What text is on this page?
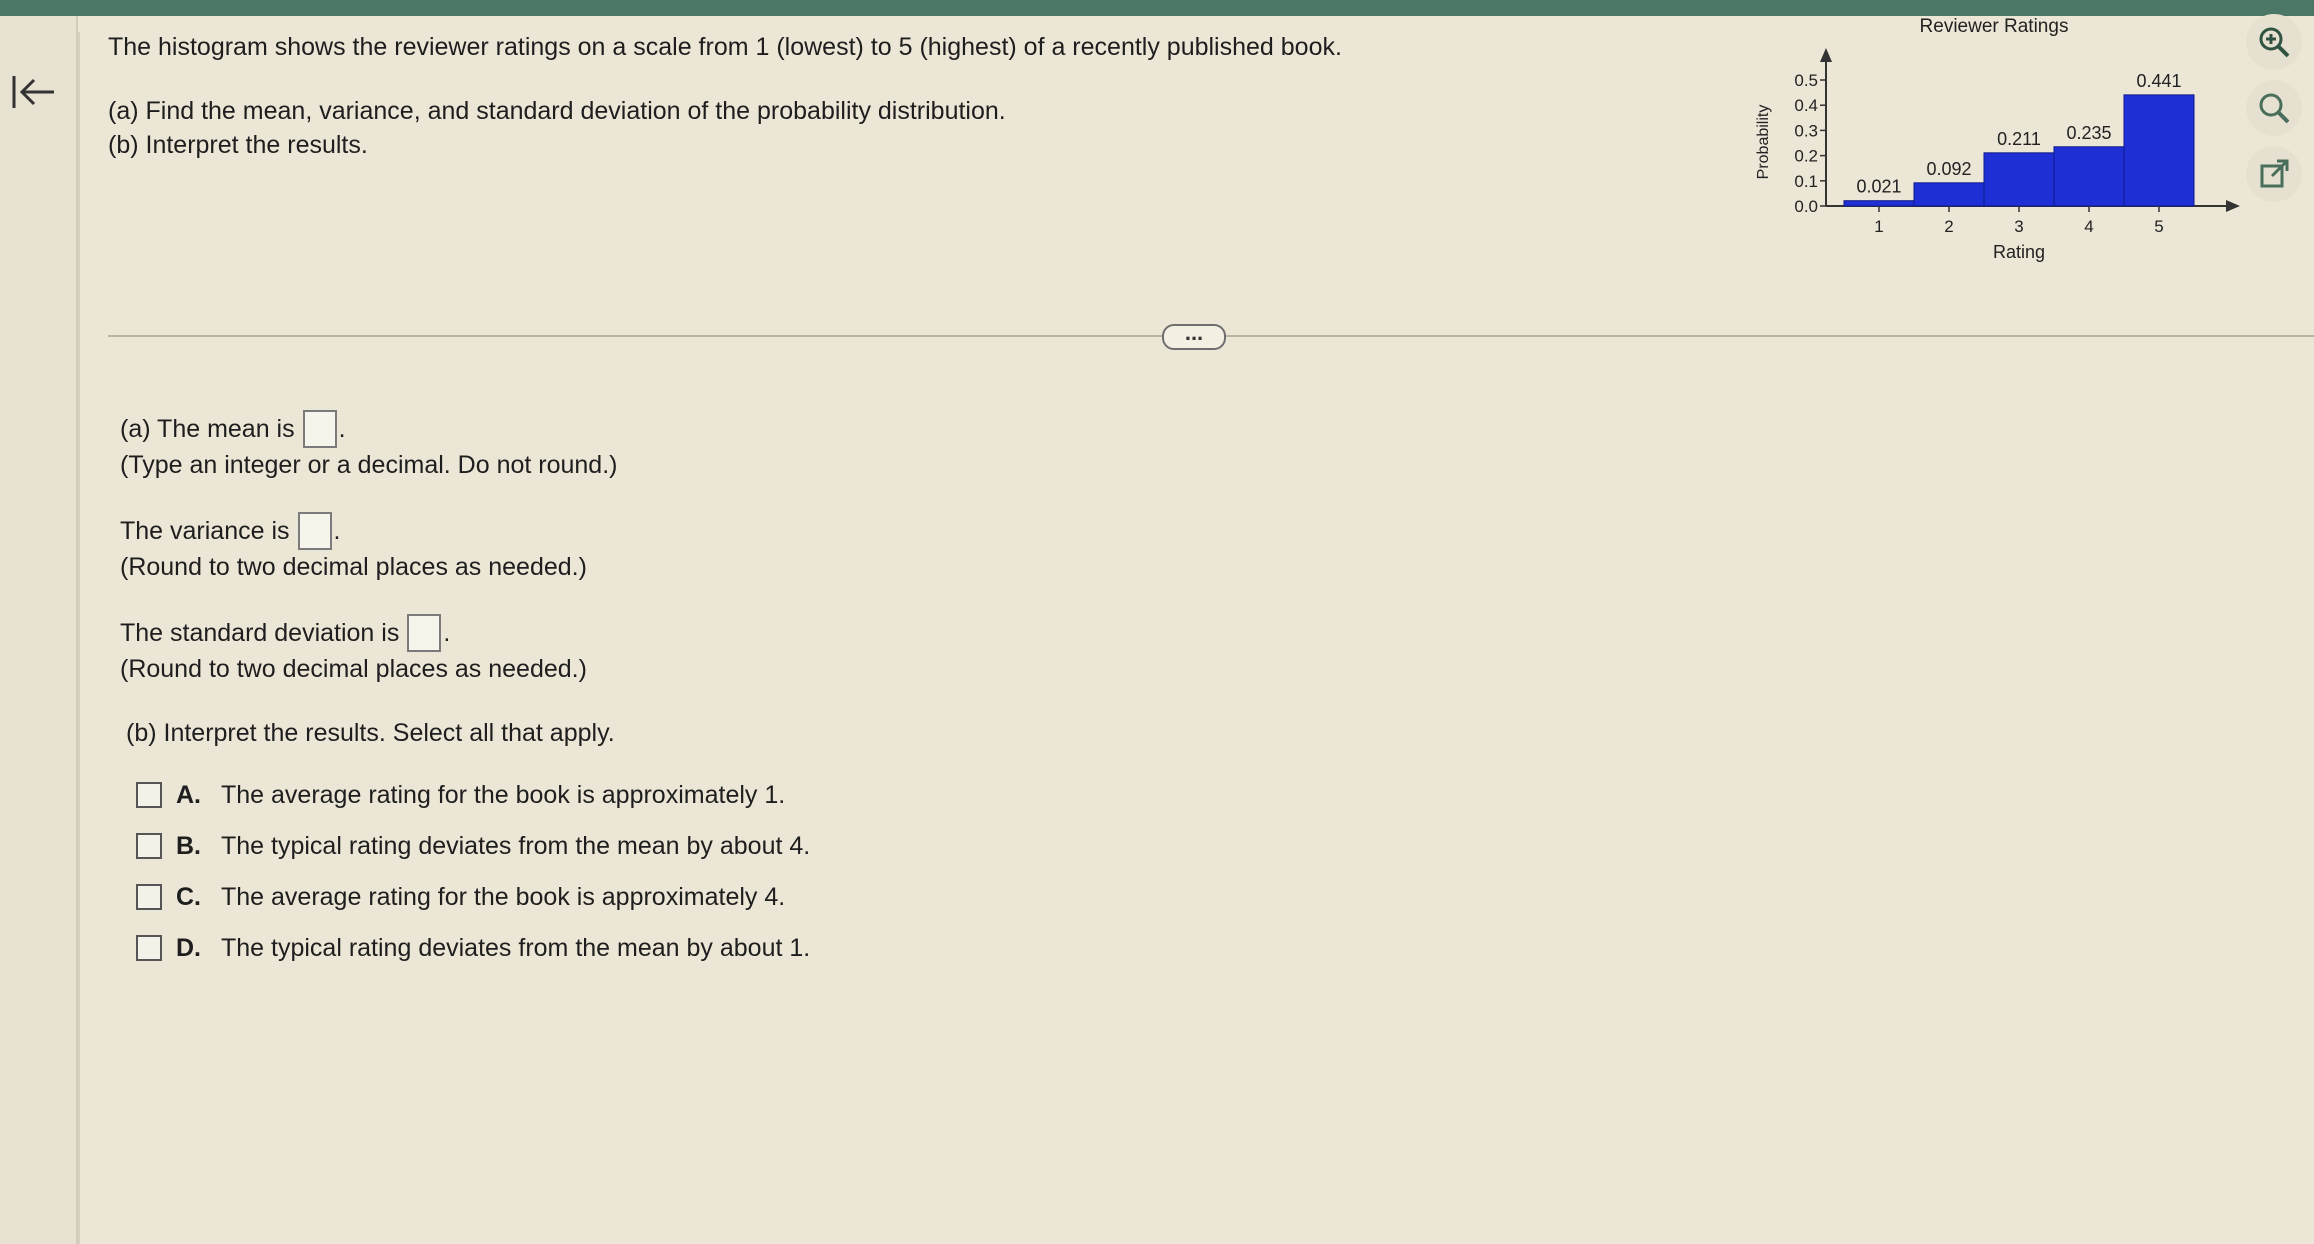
The histogram shows the reviewer ratings on a scale from 1 (lowest) to 5 (highest) of a recently published book.

(a) Find the mean, variance, and standard deviation of the probability distribution.

(b) Interpret the results.

Reviewer Ratings
0.0
0.1
0.2
0.3
0.4
0.5
Probability
0.021
1
0.092
2
0.211
3
0.235
4
0.441
5
Rating
...
(a) The mean is .

(Type an integer or a decimal. Do not round.)

The variance is .

(Round to two decimal places as needed.)

The standard deviation is .

(Round to two decimal places as needed.)

(b) Interpret the results. Select all that apply.

A. The average rating for the book is approximately 1.
B. The typical rating deviates from the mean by about 4.
C. The average rating for the book is approximately 4.
D. The typical rating deviates from the mean by about 1.
